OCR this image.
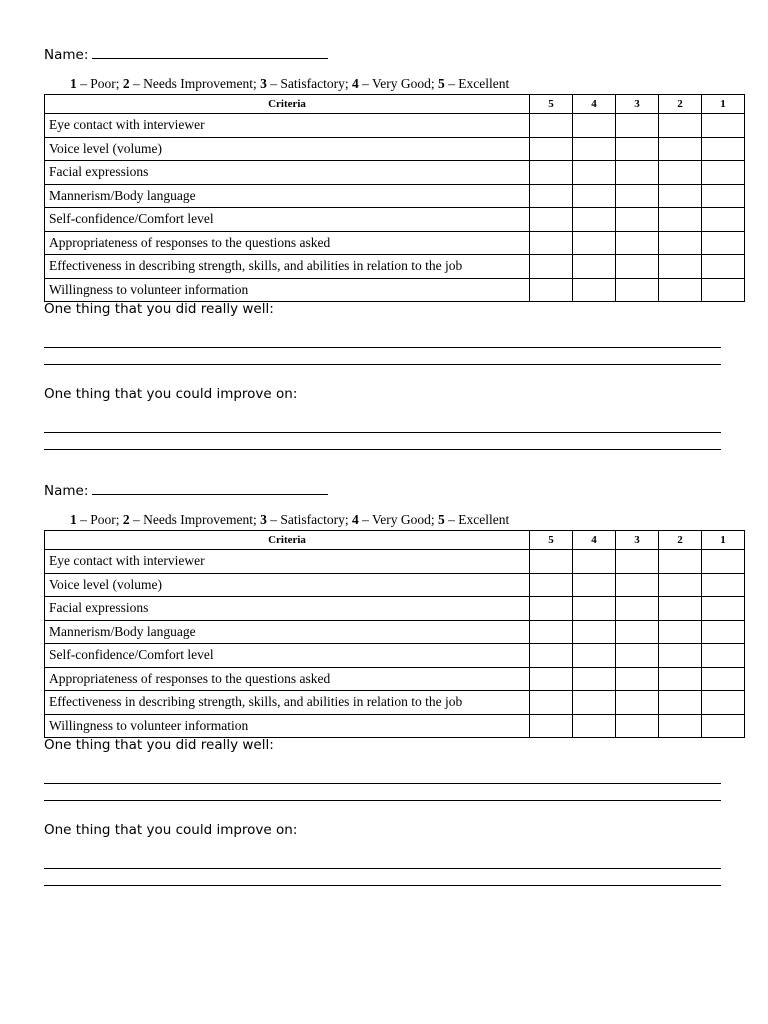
Name:
1 – Poor; 2 – Needs Improvement; 3 – Satisfactory; 4 – Very Good; 5 – Excellent
Criteria	5	4	3	2	1
Eye contact with interviewer					
Voice level (volume)					
Facial expressions					
Mannerism/Body language					
Self-confidence/Comfort level					
Appropriateness of responses to the questions asked					
Effectiveness in describing strength, skills, and abilities in relation to the job					
Willingness to volunteer information					
One thing that you did really well:
One thing that you could improve on:
Name:
1 – Poor; 2 – Needs Improvement; 3 – Satisfactory; 4 – Very Good; 5 – Excellent
Criteria	5	4	3	2	1
Eye contact with interviewer					
Voice level (volume)					
Facial expressions					
Mannerism/Body language					
Self-confidence/Comfort level					
Appropriateness of responses to the questions asked					
Effectiveness in describing strength, skills, and abilities in relation to the job					
Willingness to volunteer information					
One thing that you did really well:
One thing that you could improve on:
